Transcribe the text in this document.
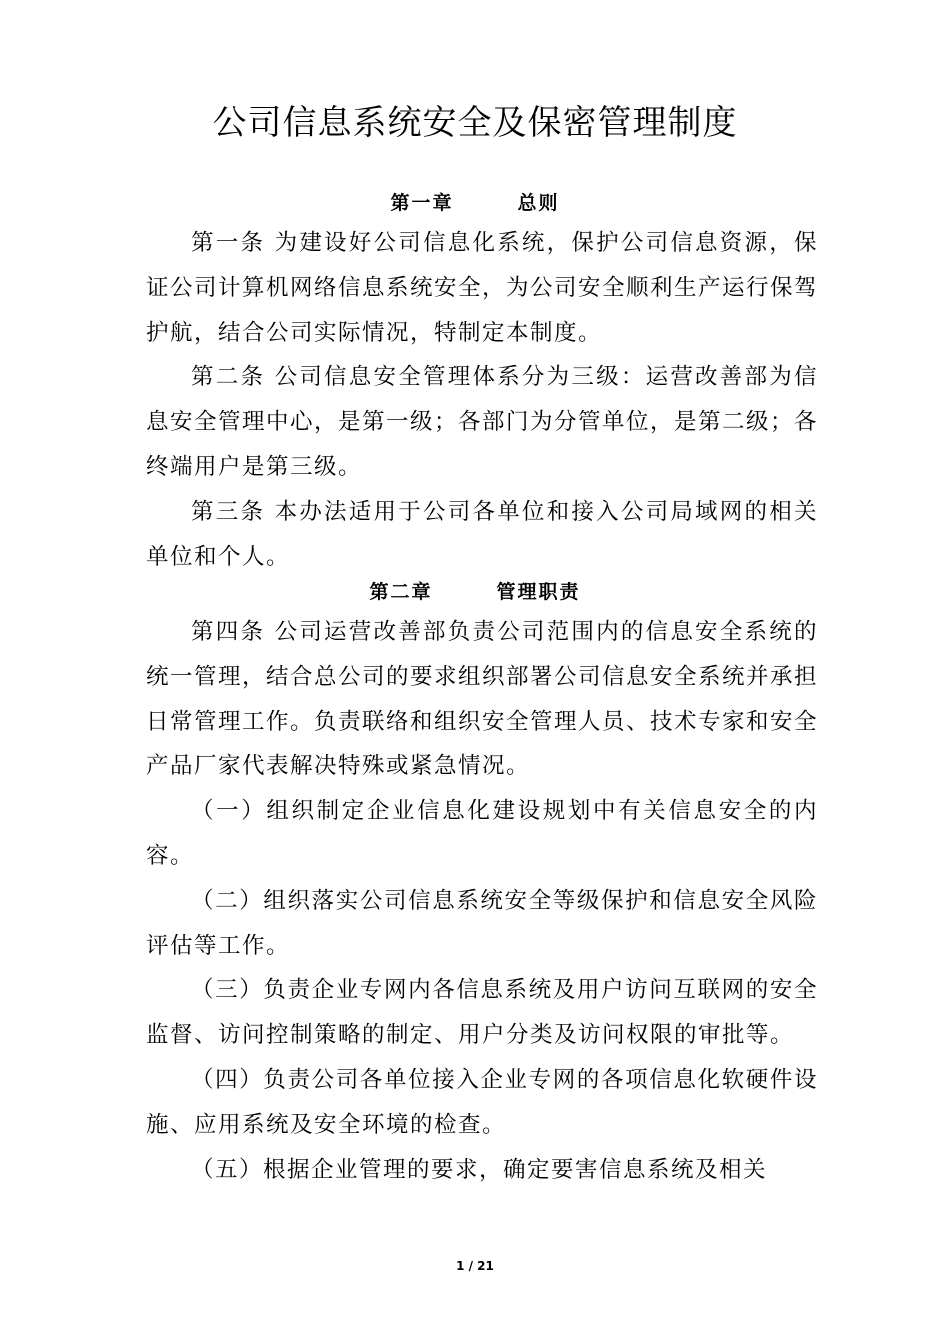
公司信息系统安全及保密管理制度
第一章	总则

第一条 为建设好公司信息化系统，保护公司信息资源，保证公司计算机网络信息系统安全，为公司安全顺利生产运行保驾护航，结合公司实际情况，特制定本制度。

第二条 公司信息安全管理体系分为三级：运营改善部为信息安全管理中心，是第一级；各部门为分管单位，是第二级；各终端用户是第三级。

第三条 本办法适用于公司各单位和接入公司局域网的相关单位和个人。

第二章	管理职责

第四条 公司运营改善部负责公司范围内的信息安全系统的统一管理，结合总公司的要求组织部署公司信息安全系统并承担日常管理工作。负责联络和组织安全管理人员、技术专家和安全产品厂家代表解决特殊或紧急情况。

（一）组织制定企业信息化建设规划中有关信息安全的内容。

（二）组织落实公司信息系统安全等级保护和信息安全风险评估等工作。

（三）负责企业专网内各信息系统及用户访问互联网的安全监督、访问控制策略的制定、用户分类及访问权限的审批等。

（四）负责公司各单位接入企业专网的各项信息化软硬件设施、应用系统及安全环境的检查。

（五）根据企业管理的要求，确定要害信息系统及相关

1 / 21
